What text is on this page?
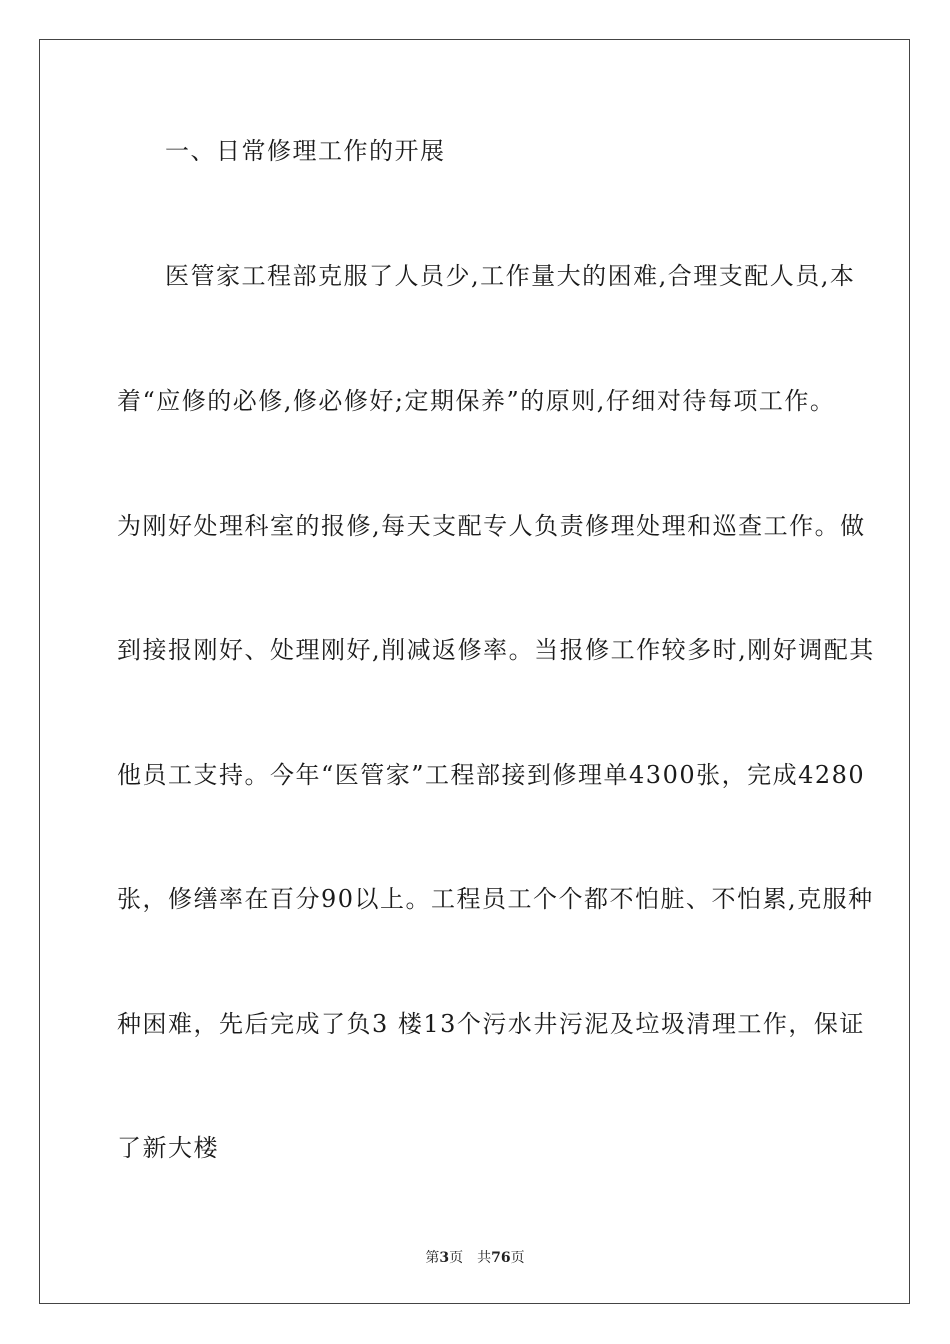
一、日常修理工作的开展
医管家工程部克服了人员少,工作量大的困难,合理支配人员,本
着“应修的必修,修必修好;定期保养”的原则,仔细对待每项工作。
为刚好处理科室的报修,每天支配专人负责修理处理和巡查工作。做
到接报刚好、处理刚好,削减返修率。当报修工作较多时,刚好调配其
他员工支持。今年“医管家”工程部接到修理单4300张，完成4280
张，修缮率在百分90以上。工程员工个个都不怕脏、不怕累,克服种
种困难，先后完成了负3 楼13个污水井污泥及垃圾清理工作，保证
了新大楼
第3页 共76页
